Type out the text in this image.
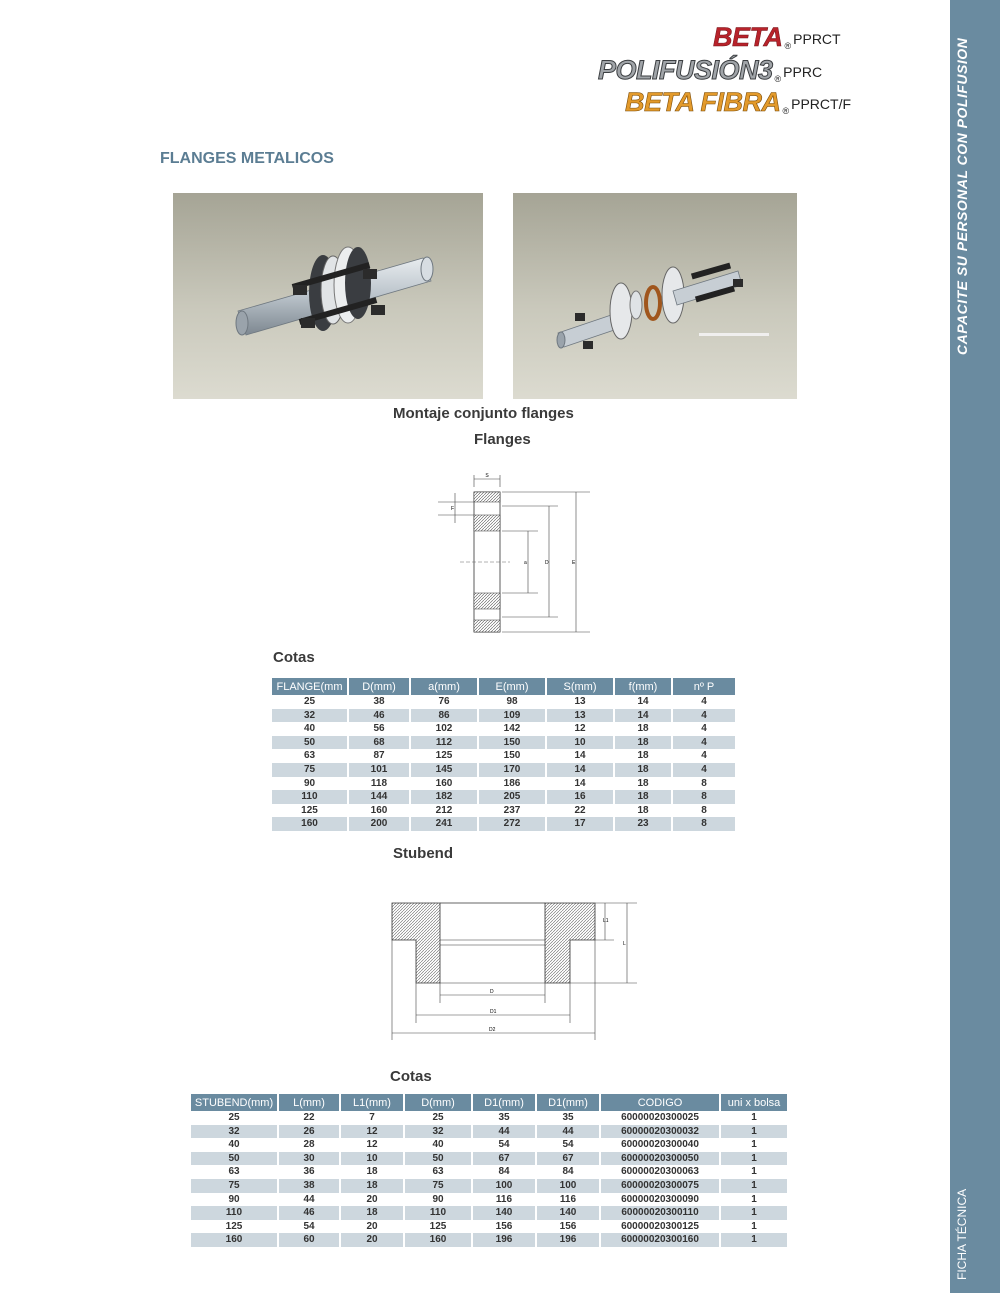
CAPACITE SU PERSONAL CON POLIFUSION
FICHA TÉCNICA
BETA ® PPRCT
POLIFUSIÓN3 ® PPRC
BETA FIBRA ® PPRCT/F
FLANGES METALICOS
Montaje conjunto flanges
Flanges
S
F
a	D	E
Cotas
FLANGE(mm	D(mm)	a(mm)	E(mm)	S(mm)	f(mm)	nº P
25	38	76	98	13	14	4
32	46	86	109	13	14	4
40	56	102	142	12	18	4
50	68	112	150	10	18	4
63	87	125	150	14	18	4
75	101	145	170	14	18	4
90	118	160	186	14	18	8
110	144	182	205	16	18	8
125	160	212	237	22	18	8
160	200	241	272	17	23	8
Stubend
L1
L
D
D1
D2
Cotas
STUBEND(mm)	L(mm)	L1(mm)	D(mm)	D1(mm)	D1(mm)	CODIGO	uni x bolsa
25	22	7	25	35	35	60000020300025	1
32	26	12	32	44	44	60000020300032	1
40	28	12	40	54	54	60000020300040	1
50	30	10	50	67	67	60000020300050	1
63	36	18	63	84	84	60000020300063	1
75	38	18	75	100	100	60000020300075	1
90	44	20	90	116	116	60000020300090	1
110	46	18	110	140	140	60000020300110	1
125	54	20	125	156	156	60000020300125	1
160	60	20	160	196	196	60000020300160	1
